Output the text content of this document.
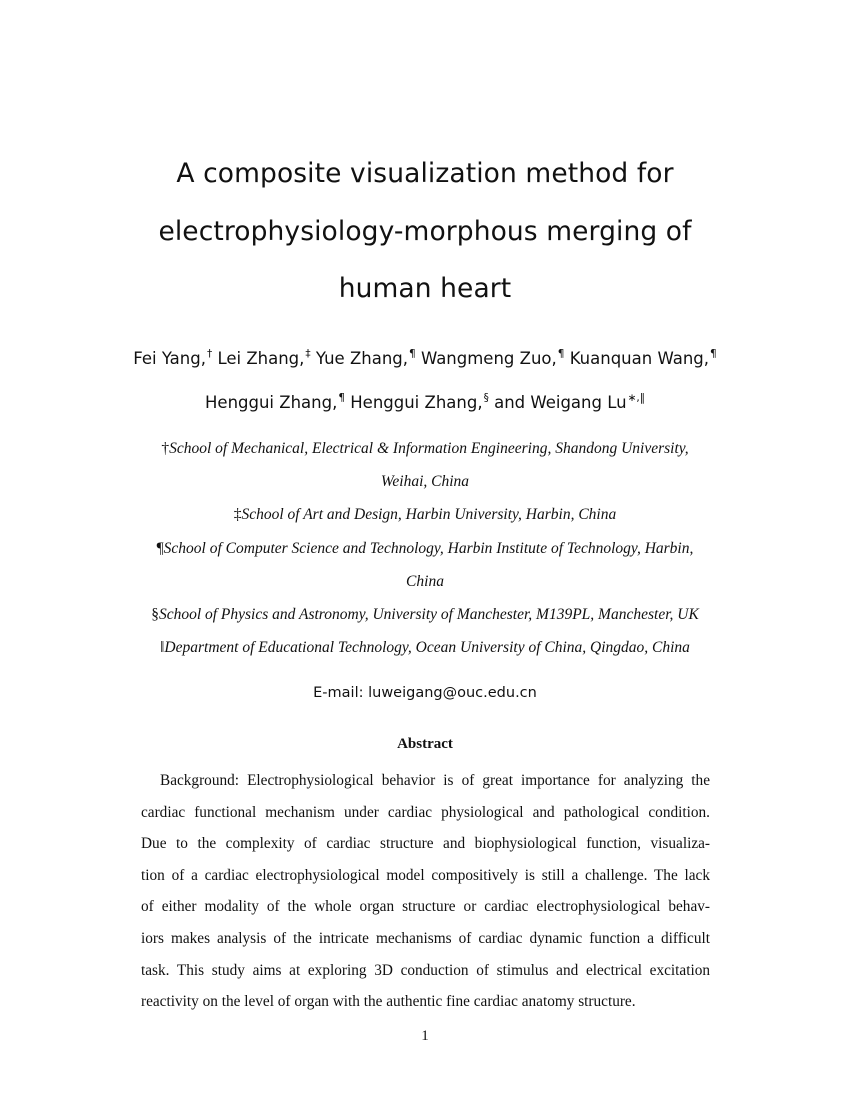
A composite visualization method for
electrophysiology-morphous merging of
human heart
Fei Yang,† Lei Zhang,‡ Yue Zhang,¶ Wangmeng Zuo,¶ Kuanquan Wang,¶
Henggui Zhang,¶ Henggui Zhang,§ and Weigang Lu∗,‖
†School of Mechanical, Electrical & Information Engineering, Shandong University,
Weihai, China
‡School of Art and Design, Harbin University, Harbin, China
¶School of Computer Science and Technology, Harbin Institute of Technology, Harbin,
China
§School of Physics and Astronomy, University of Manchester, M139PL, Manchester, UK
‖Department of Educational Technology, Ocean University of China, Qingdao, China
E-mail: luweigang@ouc.edu.cn
Abstract
Background: Electrophysiological behavior is of great importance for analyzing the
cardiac functional mechanism under cardiac physiological and pathological condition.
Due to the complexity of cardiac structure and biophysiological function, visualiza-
tion of a cardiac electrophysiological model compositively is still a challenge. The lack
of either modality of the whole organ structure or cardiac electrophysiological behav-
iors makes analysis of the intricate mechanisms of cardiac dynamic function a difficult
task. This study aims at exploring 3D conduction of stimulus and electrical excitation
reactivity on the level of organ with the authentic fine cardiac anatomy structure.
1
